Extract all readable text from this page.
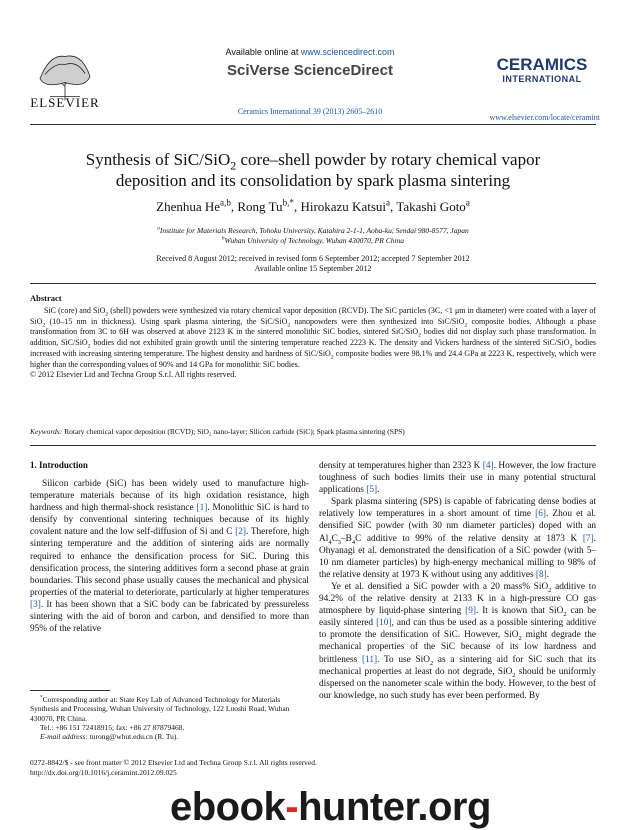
ELSEVIER
Available online at www.sciencedirect.com
SciVerse ScienceDirect
Ceramics International 39 (2013) 2605–2610
CERAMICS
INTERNATIONAL
www.elsevier.com/locate/ceramint
Synthesis of SiC/SiO$_2$ core–shell powder by rotary chemical vapor
deposition and its consolidation by spark plasma sintering
Zhenhua He$^{a,b}$, Rong $Tu^{b,*}$, Hirokazu Katsui$^a$, Takashi Goto$^a$
$^a$Institute for Materials Research, Tohoku University, Katahira 2-1-1, Aoba-ku, Sendai 980-8577, Japan
$^b$Wuhan University of Technology, Wuhan 430070, PR China
Received 8 August 2012; received in revised form 6 September 2012; accepted 7 September 2012
Available online 15 September 2012
Abstract
SiC (core) and SiO$_2$ (shell) powders were synthesized via rotary chemical vapor deposition (RCVD). The SiC particles (3C, <1 μm in diameter) were coated with a layer of SiO$_2$ (10–15 nm in thickness). Using spark plasma sintering, the SiC/SiO$_2$ nanopowders were then synthesized into SiC/SiO$_2$ composite bodies. Although a phase transformation from 3C to 6H was observed at above 2123 K in the sintered monolithic SiC bodies, sintered SiC/SiO$_2$ bodies did not display such phase transformation. In addition, SiC/SiO$_2$ bodies did not exhibited grain growth until the sintering temperature reached 2223 K. The density and Vickers hardness of the sintered SiC/SiO$_2$ bodies increased with increasing sintering temperature. The highest density and hardness of SiC/SiO$_2$ composite bodies were 98.1% and 24.4 GPa at 2223 K, respectively, which were higher than the corresponding values of 90% and 14 GPa for monolithic SiC bodies.
© 2012 Elsevier Ltd and Techna Group S.r.l. All rights reserved.
Keywords: Rotary chemical vapor deposition (RCVD); SiO₂ nano-layer; Silicon carbide (SiC); Spark plasma sintering (SPS)
1. Introduction

Silicon carbide (SiC) has been widely used to manufacture high-temperature materials because of its high oxidation resistance, high hardness and high thermal-shock resistance [1]. Monolithic SiC is hard to densify by conventional sintering techniques because of its highly covalent nature and the low self-diffusion of Si and C [2]. Therefore, high sintering temperature and the addition of sintering aids are normally required to enhance the densification process for SiC. During this densification process, the sintering additives form a second phase at grain boundaries. This second phase usually causes the mechanical and physical properties of the material to deteriorate, particularly at higher temperatures [3]. It has been shown that a SiC body can be fabricated by pressureless sintering with the aid of boron and carbon, and densified to more than 95% of the relative

density at temperatures higher than 2323 K [4]. However, the low fracture toughness of such bodies limits their use in many potential structural applications [5].

Spark plasma sintering (SPS) is capable of fabricating dense bodies at relatively low temperatures in a short amount of time [6]. Zhou et al. densified SiC powder (with 30 nm diameter particles) doped with an $Al_4C_3-B_4C$ additive to 99% of the relative density at 1873 K [7]. Ohyanagi et al. demonstrated the densification of a SiC powder (with 5–10 nm diameter particles) by high-energy mechanical milling to 98% of the relative density at 1973 K without using any additives [8].

Ye et al. densified a SiC powder with a 20 mass% SiO$_2$ additive to 94.2% of the relative density at 2133 K in a high-pressure CO gas atmosphere by liquid-phase sintering [9]. It is known that SiO$_2$ can be easily sintered [10], and can thus be used as a possible sintering additive to promote the densification of SiC. However, SiO$_2$ might degrade the mechanical properties of the SiC because of its low hardness and brittleness [11]. To use SiO$_2$ as a sintering aid for SiC such that its mechanical properties at least do not degrade, SiO$_2$ should be uniformly dispersed on the nanometer scale within the body. However, to the best of our knowledge, no such study has ever been performed. By

*Corresponding author at: State Key Lab of Advanced Technology for Materials Synthesis and Processing, Wuhan University of Technology, 122 Luoshi Road, Wuhan 430070, PR China.

Tel.: +86 151 72418915; fax: +86 27 87879468.

E-mail address: turong@whut.edu.cn (R. Tu).

0272-8842/$ - see front matter © 2012 Elsevier Ltd and Techna Group S.r.l. All rights reserved.
http://dx.doi.org/10.1016/j.ceramint.2012.09.025
ebook-hunter.org
